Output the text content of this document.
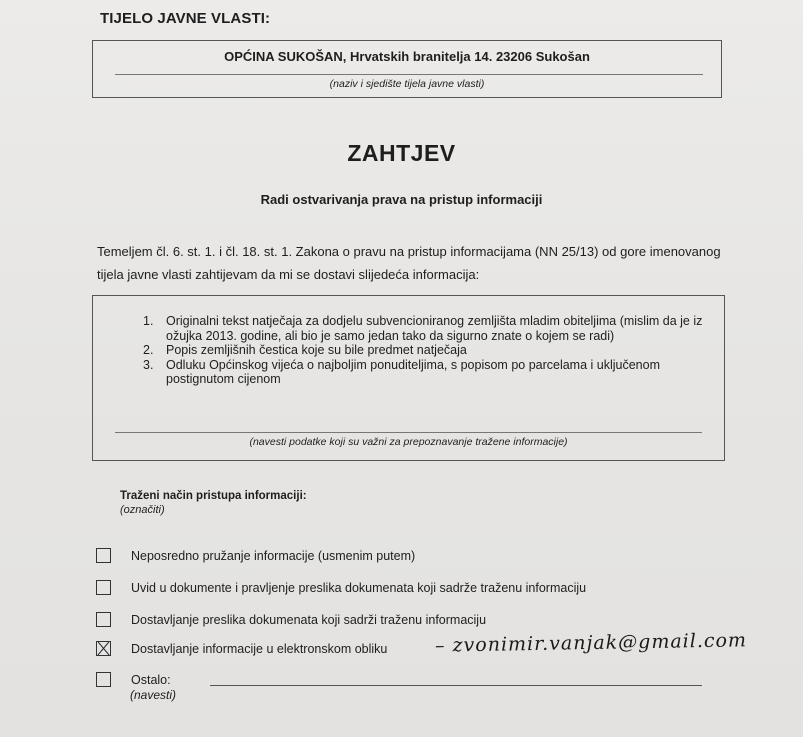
TIJELO JAVNE VLASTI:
OPĆINA SUKOŠAN, Hrvatskih branitelja 14. 23206 Sukošan
(naziv i sjedište tijela javne vlasti)
ZAHTJEV
Radi ostvarivanja prava na pristup informaciji
Temeljem čl. 6. st. 1. i čl. 18. st. 1. Zakona o pravu na pristup informacijama (NN 25/13) od gore imenovanog tijela javne vlasti zahtijevam da mi se dostavi slijedeća informacija:
1.	Originalni tekst natječaja za dodjelu subvencioniranog zemljišta mladim obiteljima (mislim da je iz ožujka 2013. godine, ali bio je samo jedan tako da sigurno znate o kojem se radi)
2.	Popis zemljišnih čestica koje su bile predmet natječaja
3.	Odluku Općinskog vijeća o najboljim ponuditeljima, s popisom po parcelama i uključenom postignutom cijenom
(navesti podatke koji su važni za prepoznavanje tražene informacije)
Traženi način pristupa informaciji:
(označiti)
Neposredno pružanje informacije (usmenim putem)
Uvid u dokumente i pravljenje preslika dokumenata koji sadrže traženu informaciju
Dostavljanje preslika dokumenata koji sadrži traženu informaciju
Dostavljanje informacije u elektronskom obliku – zvonimir.vanjak@gmail.com
Ostalo:
(navesti)
